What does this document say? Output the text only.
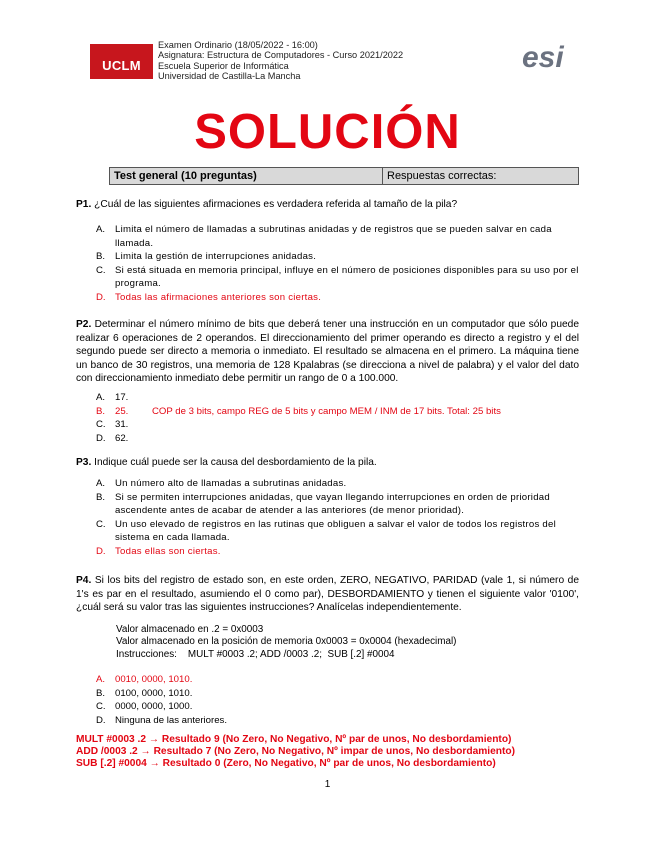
UCLM
Examen Ordinario (18/05/2022 - 16:00)
Asignatura: Estructura de Computadores - Curso 2021/2022
Escuela Superior de Informática
Universidad de Castilla-La Mancha
esi
SOLUCIÓN
Test general (10 preguntas)	Respuestas correctas:
P1. ¿Cuál de las siguientes afirmaciones es verdadera referida al tamaño de la pila?
A.	Limita el número de llamadas a subrutinas anidadas y de registros que se pueden salvar en cada llamada.
B.	Limita la gestión de interrupciones anidadas.
C. Si está situada en memoria principal, influye en el número de posiciones disponibles para su uso por el programa.
D. Todas las afirmaciones anteriores son ciertas.
P2. Determinar el número mínimo de bits que deberá tener una instrucción en un computador que sólo puede realizar 6 operaciones de 2 operandos. El direccionamiento del primer operando es directo a registro y el del segundo puede ser directo a memoria o inmediato. El resultado se almacena en el primero. La máquina tiene un banco de 30 registros, una memoria de 128 Kpalabras (se direcciona a nivel de palabra) y el valor del dato con direccionamiento inmediato debe permitir un rango de 0 a 100.000.
A.	17.
B.	25.	COP de 3 bits, campo REG de 5 bits y campo MEM / INM de 17 bits. Total: 25 bits
C. 31.
D. 62.
P3. Indique cuál puede ser la causa del desbordamiento de la pila.
A.	Un número alto de llamadas a subrutinas anidadas.
B.	Si se permiten interrupciones anidadas, que vayan llegando interrupciones en orden de prioridad ascendente antes de acabar de atender a las anteriores (de menor prioridad).
C. Un uso elevado de registros en las rutinas que obliguen a salvar el valor de todos los registros del sistema en cada llamada.
D. Todas ellas son ciertas.
P4. Si los bits del registro de estado son, en este orden, ZERO, NEGATIVO, PARIDAD (vale 1, si número de 1's es par en el resultado, asumiendo el 0 como par), DESBORDAMIENTO y tienen el siguiente valor '0100', ¿cuál será su valor tras las siguientes instrucciones? Analícelas independientemente.
Valor almacenado en .2 = 0x0003
Valor almacenado en la posición de memoria 0x0003 = 0x0004 (hexadecimal)
Instrucciones:    MULT #0003 .2; ADD /0003 .2;  SUB [.2] #0004
A.	0010, 0000, 1010.
B.	0100, 0000, 1010.
C. 0000, 0000, 1000.
D. Ninguna de las anteriores.
MULT #0003 .2 → Resultado 9 (No Zero, No Negativo, Nº par de unos, No desbordamiento)
ADD /0003 .2 → Resultado 7 (No Zero, No Negativo, Nº impar de unos, No desbordamiento)
SUB [.2] #0004 → Resultado 0 (Zero, No Negativo, Nº par de unos, No desbordamiento)
1
